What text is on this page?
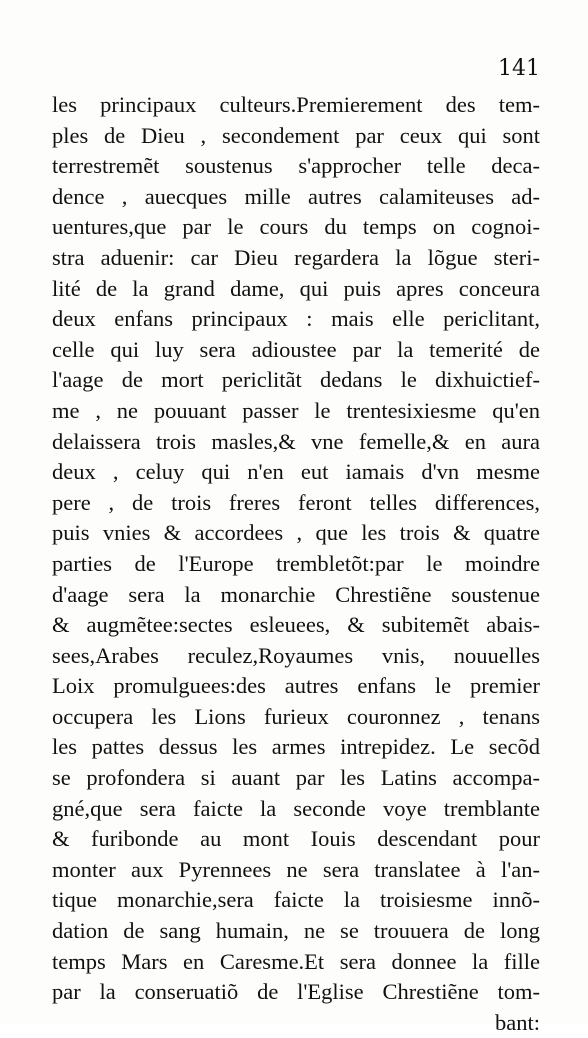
141
les principaux culteurs.Premierement des tem-
ples de Dieu , secondement par ceux qui sont
terrestremẽt soustenus s'approcher telle deca-
dence , auecques mille autres calamiteuses ad-
uentures,que par le cours du temps on cognoi-
stra aduenir: car Dieu regardera la lõgue steri-
lité de la grand dame, qui puis apres conceura
deux enfans principaux : mais elle periclitant,
celle qui luy sera adioustee par la temerité de
l'aage de mort periclitãt dedans le dixhuictief-
me , ne pouuant passer le trentesixiesme qu'en
delaissera trois masles,& vne femelle,& en aura
deux , celuy qui n'en eut iamais d'vn mesme
pere , de trois freres feront telles differences,
puis vnies & accordees , que les trois & quatre
parties de l'Europe trembletõt:par le moindre
d'aage sera la monarchie Chrestiẽne soustenue
& augmẽtee:sectes esleuees, & subitemẽt abais-
sees,Arabes reculez,Royaumes vnis, nouuelles
Loix promulguees:des autres enfans le premier
occupera les Lions furieux couronnez , tenans
les pattes dessus les armes intrepidez. Le secõd
se profondera si auant par les Latins accompa-
gné,que sera faicte la seconde voye tremblante
& furibonde au mont Iouis descendant pour
monter aux Pyrennees ne sera translatee à l'an-
tique monarchie,sera faicte la troisiesme innõ-
dation de sang humain, ne se trouuera de long
temps Mars en Caresme.Et sera donnee la fille
par la conseruatiõ de l'Eglise Chrestiẽne tom-
bant:
